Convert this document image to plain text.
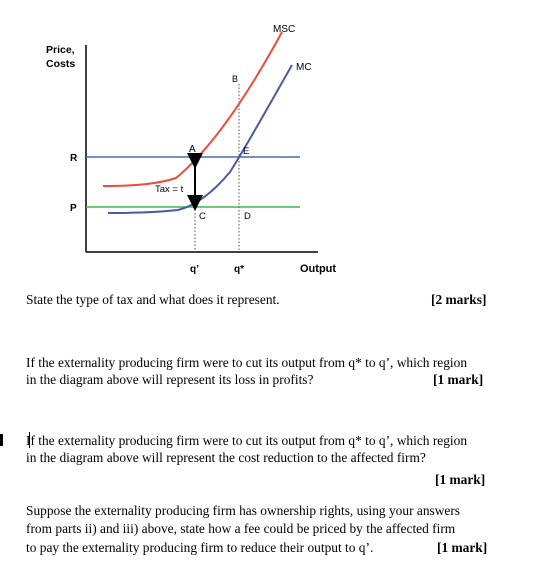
Price, Costs
R
P
Output
q’	q*
MSC
MC
Tax = t
A
B
C	D
E
State the type of tax and what does it represent.	[2 marks]
If the externality producing firm were to cut its output from q* to q’, which region
in the diagram above will represent its loss in profits?	[1 mark]
If the externality producing firm were to cut its output from q* to q’, which region
in the diagram above will represent the cost reduction to the affected firm?
[1 mark]
Suppose the externality producing firm has ownership rights, using your answers
from parts ii) and iii) above, state how a fee could be priced by the affected firm
to pay the externality producing firm to reduce their output to q’.	[1 mark]
